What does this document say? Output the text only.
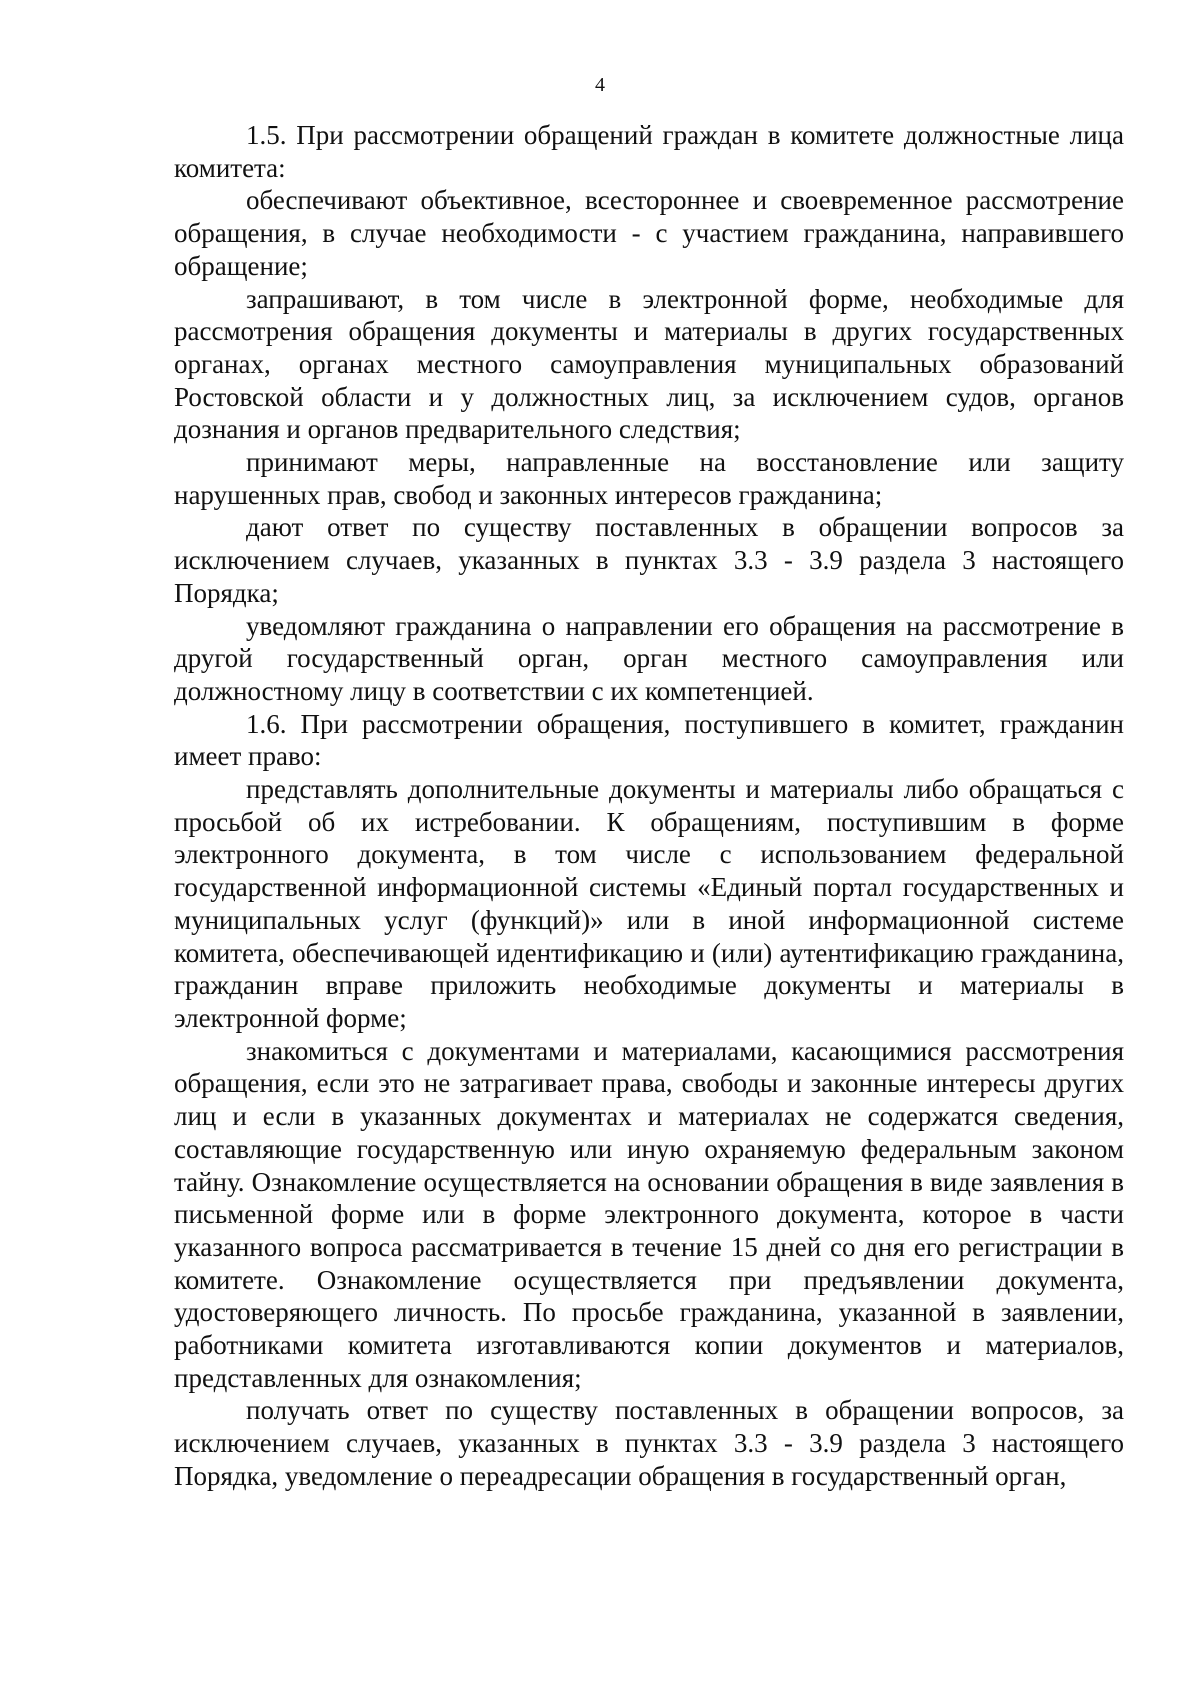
4

1.5. При рассмотрении обращений граждан в комитете должностные лица комитета:

обеспечивают объективное, всестороннее и своевременное рассмотрение обращения, в случае необходимости - с участием гражданина, направившего обращение;

запрашивают, в том числе в электронной форме, необходимые для рассмотрения обращения документы и материалы в других государственных органах, органах местного самоуправления муниципальных образований Ростовской области и у должностных лиц, за исключением судов, органов дознания и органов предварительного следствия;

принимают меры, направленные на восстановление или защиту нарушенных прав, свобод и законных интересов гражданина;

дают ответ по существу поставленных в обращении вопросов за исключением случаев, указанных в пунктах 3.3 - 3.9 раздела 3 настоящего Порядка;

уведомляют гражданина о направлении его обращения на рассмотрение в другой государственный орган, орган местного самоуправления или должностному лицу в соответствии с их компетенцией.

1.6. При рассмотрении обращения, поступившего в комитет, гражданин имеет право:

представлять дополнительные документы и материалы либо обращаться с просьбой об их истребовании. К обращениям, поступившим в форме электронного документа, в том числе с использованием федеральной государственной информационной системы «Единый портал государственных и муниципальных услуг (функций)» или в иной информационной системе комитета, обеспечивающей идентификацию и (или) аутентификацию гражданина, гражданин вправе приложить необходимые документы и материалы в электронной форме;

знакомиться с документами и материалами, касающимися рассмотрения обращения, если это не затрагивает права, свободы и законные интересы других лиц и если в указанных документах и материалах не содержатся сведения, составляющие государственную или иную охраняемую федеральным законом тайну. Ознакомление осуществляется на основании обращения в виде заявления в письменной форме или в форме электронного документа, которое в части указанного вопроса рассматривается в течение 15 дней со дня его регистрации в комитете. Ознакомление осуществляется при предъявлении документа, удостоверяющего личность. По просьбе гражданина, указанной в заявлении, работниками комитета изготавливаются копии документов и материалов, представленных для ознакомления;

получать ответ по существу поставленных в обращении вопросов, за исключением случаев, указанных в пунктах 3.3 - 3.9 раздела 3 настоящего Порядка, уведомление о переадресации обращения в государственный орган,
